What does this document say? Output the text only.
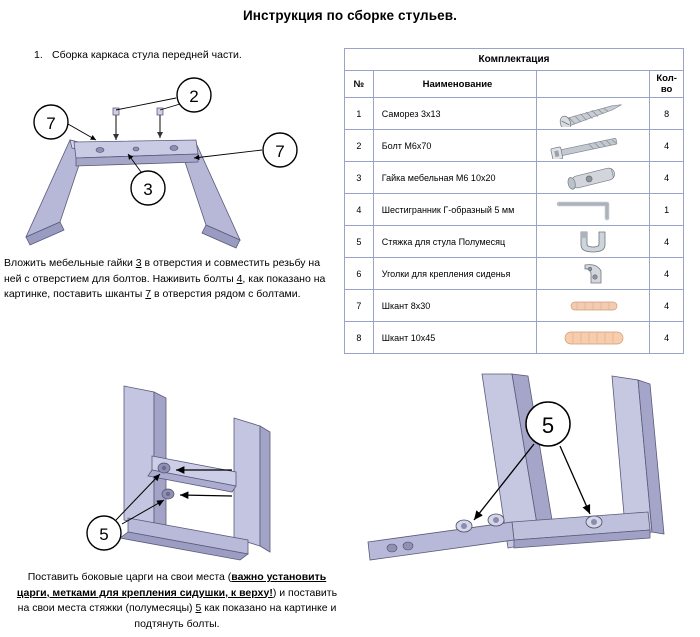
Инструкция по сборке стульев.
1. Сборка каркаса стула передней части.
2
7
7
3
Вложить мебельные гайки 3 в отверстия и совместить резьбу на ней с отверстием для болтов. Наживить болты 4, как показано на картинке, поставить шканты 7 в отверстия рядом с болтами.
Комплектация			
№	Наименование		Кол-во
1	Саморез 3х13		8
2	Болт М6х70		4
3	Гайка мебельная М6 10х20		4
4	Шестигранник Г-образный 5 мм		1
5	Стяжка для стула Полумесяц		4
6	Уголки для крепления сиденья		4
7	Шкант 8х30		4
8	Шкант 10х45		4
5
5
Поставить боковые царги на свои места (важно установить царги, метками для крепления сидушки, к верху!) и поставить на свои места стяжки (полумесяцы) 5 как показано на картинке и подтянуть болты.
